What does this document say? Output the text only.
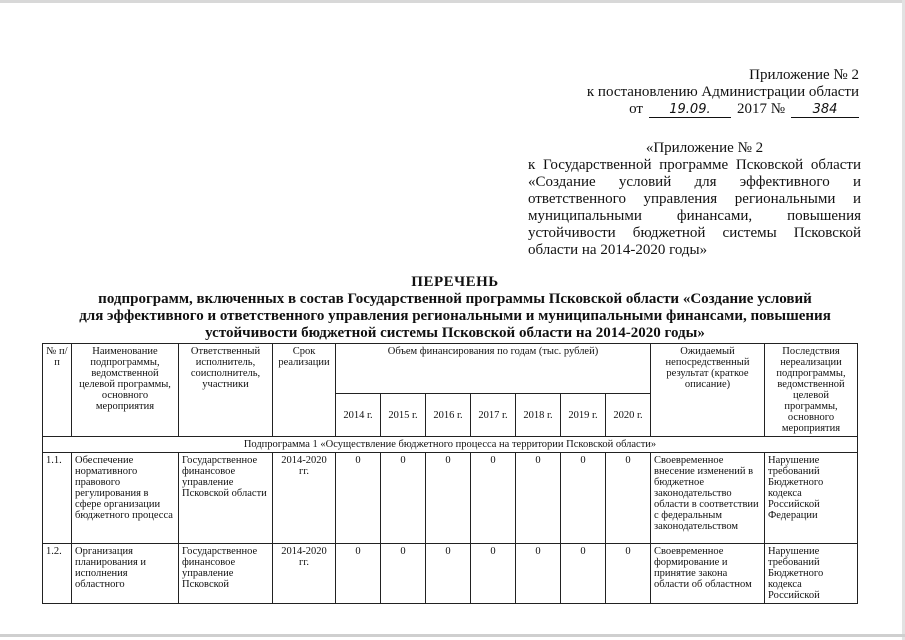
Приложение № 2
к постановлению Администрации области
от	19.09.	2017 №	384
«Приложение № 2
к Государственной программе Псковской области «Создание условий для эффективного и ответственного управления региональными и муниципальными финансами, повышения устойчивости бюджетной системы Псковской области на 2014-2020 годы»
ПЕРЕЧЕНЬ
подпрограмм, включенных в состав Государственной программы Псковской области «Создание условий
для эффективного и ответственного управления региональными и муниципальными финансами, повышения
устойчивости бюджетной системы Псковской области на 2014-2020 годы»
№ п/п	Наименование подпрограммы, ведомственной целевой программы, основного мероприятия	Ответственный исполнитель, соисполнитель, участники	Срок реализации	Объем финансирования по годам (тыс. рублей)							Ожидаемый непосредственный результат (краткое описание)	Последствия нереализации подпрограммы, ведомственной целевой программы, основного мероприятия
				2014 г.	2015 г.	2016 г.	2017 г.	2018 г.	2019 г.	2020 г.		
Подпрограмма 1 «Осуществление бюджетного процесса на территории Псковской области»												
1.1.	Обеспечение нормативного правового регулирования в сфере организации бюджетного процесса	Государственное финансовое управление Псковской области	2014-2020 гг.	0	0	0	0	0	0	0	Своевременное внесение изменений в бюджетное законодательство области в соответствии с федеральным законодательством	Нарушение требований Бюджетного кодекса Российской Федерации
1.2.	Организация планирования и исполнения областного	Государственное финансовое управление Псковской	2014-2020 гг.	0	0	0	0	0	0	0	Своевременное формирование и принятие закона области об областном	Нарушение требований Бюджетного кодекса Российской
